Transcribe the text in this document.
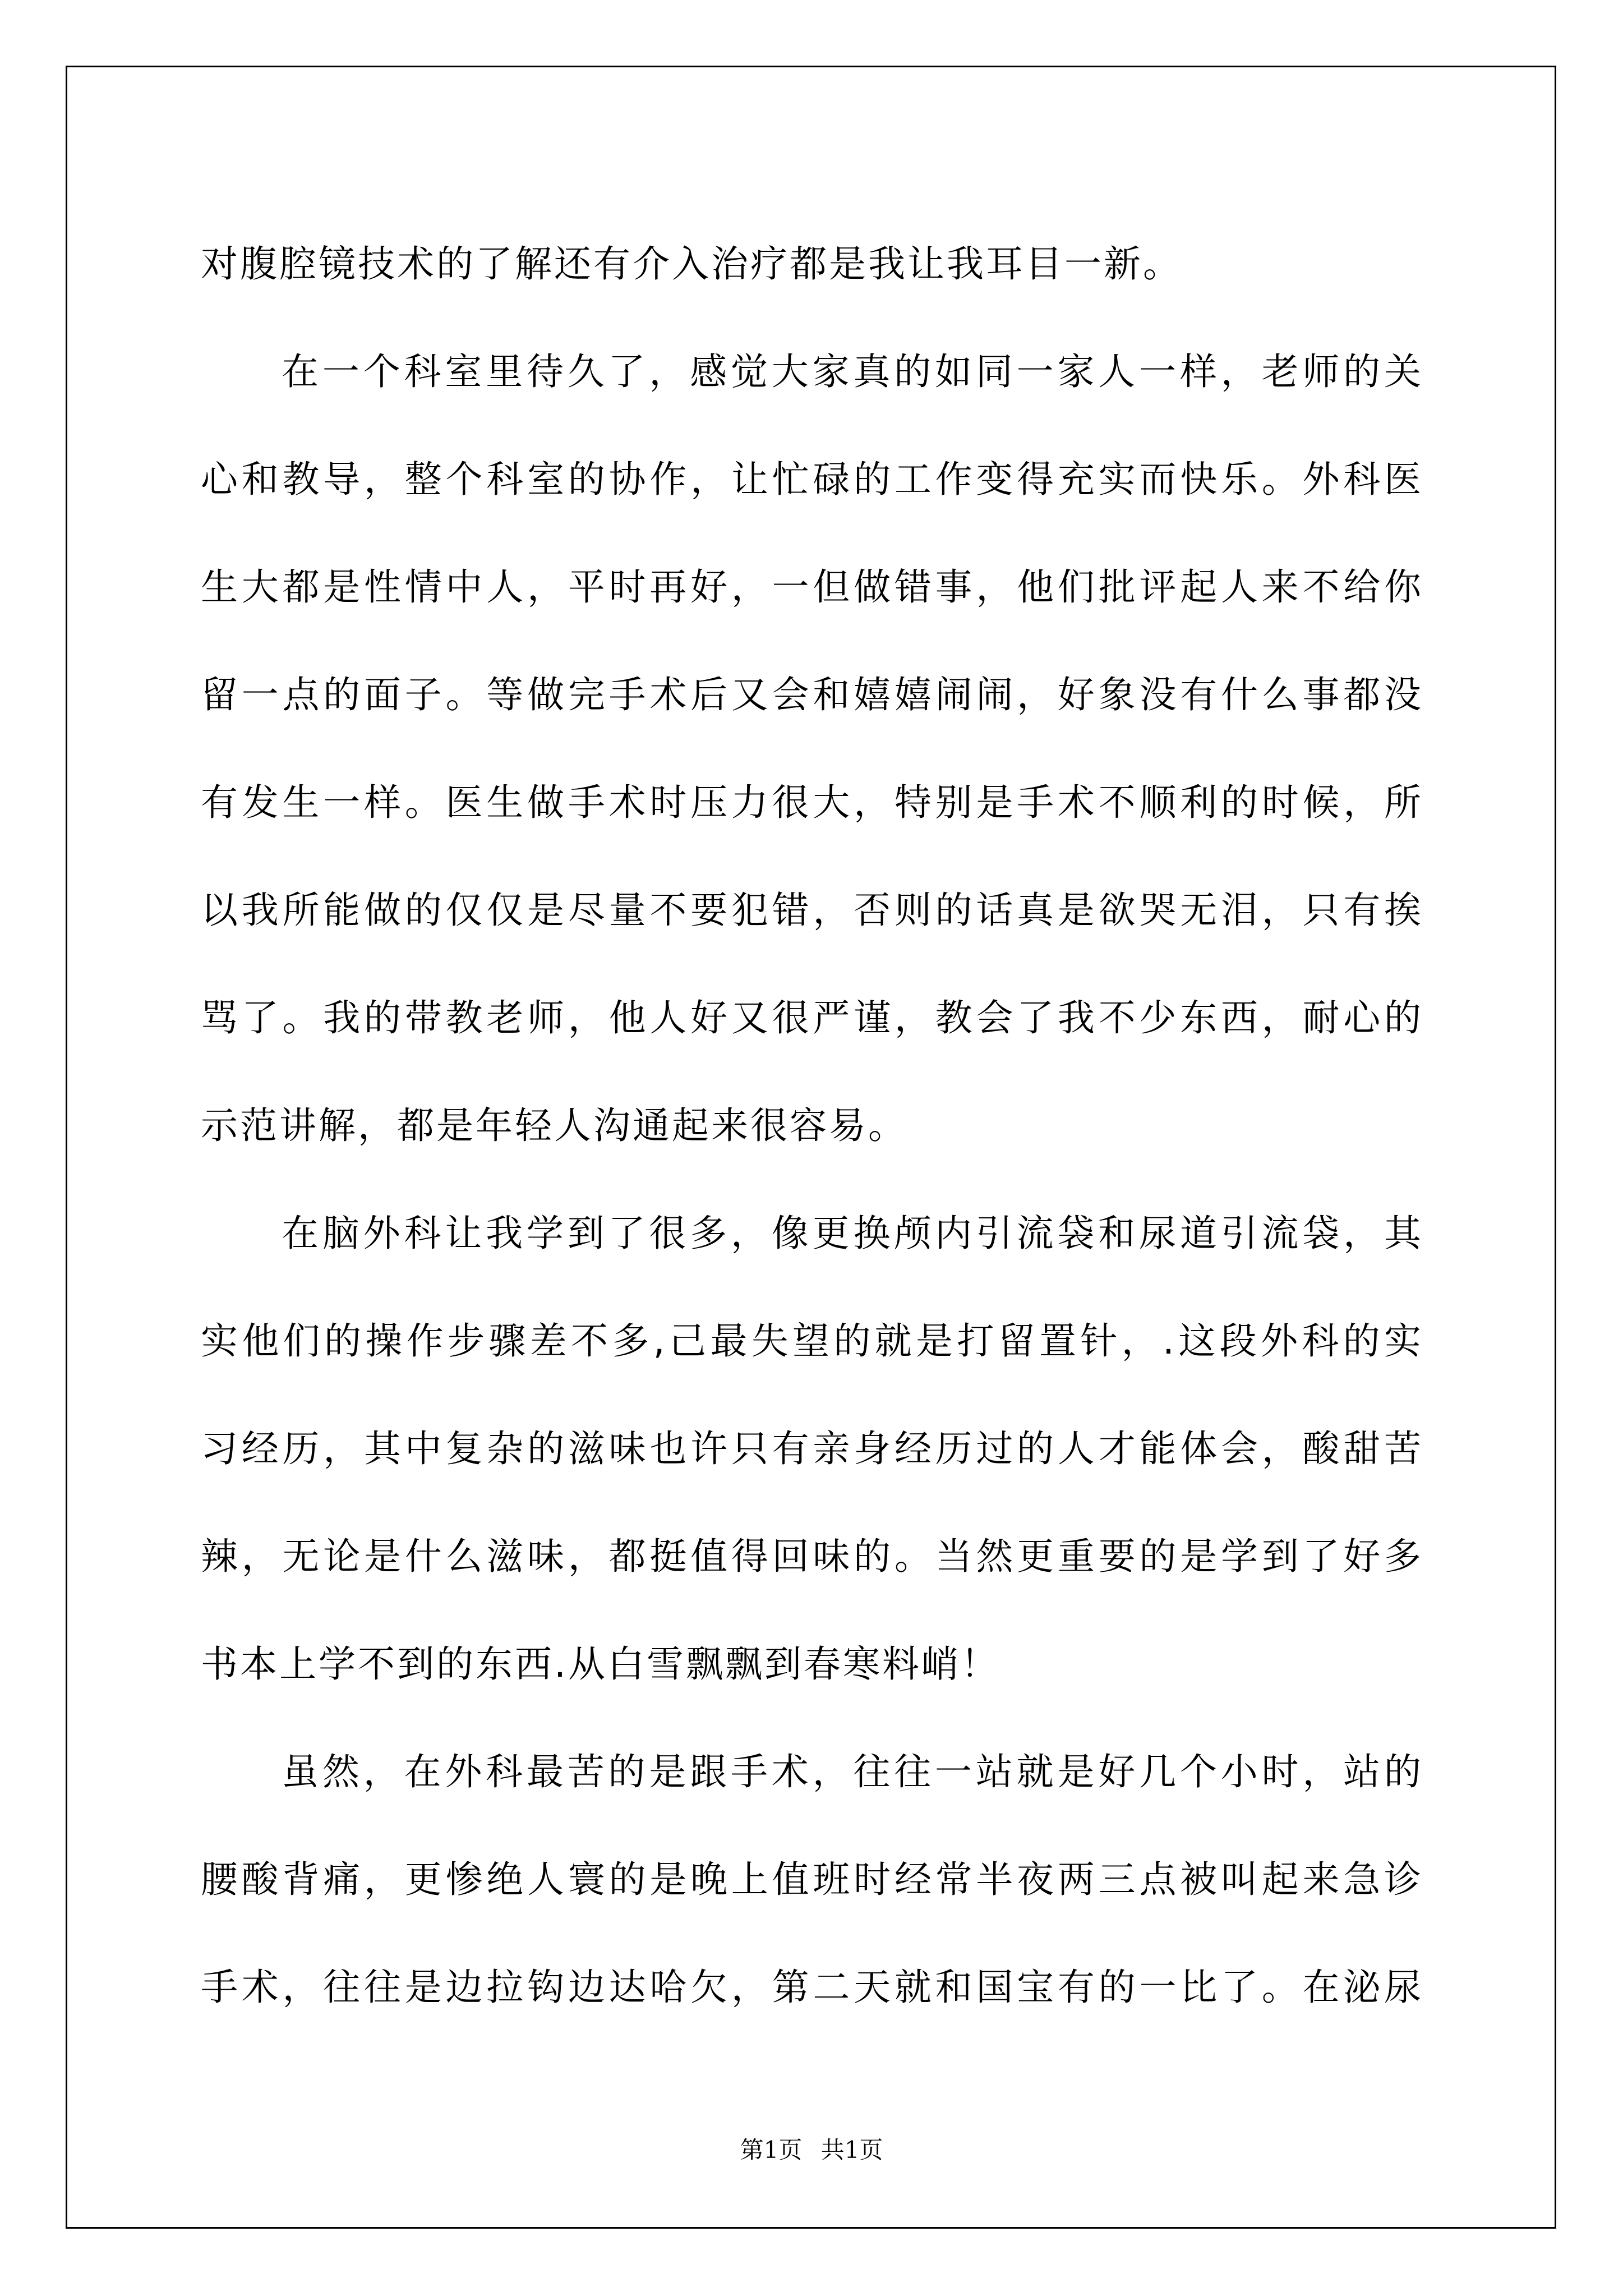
对腹腔镜技术的了解还有介入治疗都是我让我耳目一新。
在一个科室里待久了，感觉大家真的如同一家人一样，老师的关
心和教导，整个科室的协作，让忙碌的工作变得充实而快乐。外科医
生大都是性情中人，平时再好，一但做错事，他们批评起人来不给你
留一点的面子。等做完手术后又会和嬉嬉闹闹，好象没有什么事都没
有发生一样。医生做手术时压力很大，特别是手术不顺利的时候，所
以我所能做的仅仅是尽量不要犯错，否则的话真是欲哭无泪，只有挨
骂了。我的带教老师，他人好又很严谨，教会了我不少东西，耐心的
示范讲解，都是年轻人沟通起来很容易。
在脑外科让我学到了很多，像更换颅内引流袋和尿道引流袋，其
实他们的操作步骤差不多,己最失望的就是打留置针，.这段外科的实
习经历，其中复杂的滋味也许只有亲身经历过的人才能体会，酸甜苦
辣，无论是什么滋味，都挺值得回味的。当然更重要的是学到了好多
书本上学不到的东西.从白雪飘飘到春寒料峭！
虽然，在外科最苦的是跟手术，往往一站就是好几个小时，站的
腰酸背痛，更惨绝人寰的是晚上值班时经常半夜两三点被叫起来急诊
手术，往往是边拉钩边达哈欠，第二天就和国宝有的一比了。在泌尿
第1页 共1页
